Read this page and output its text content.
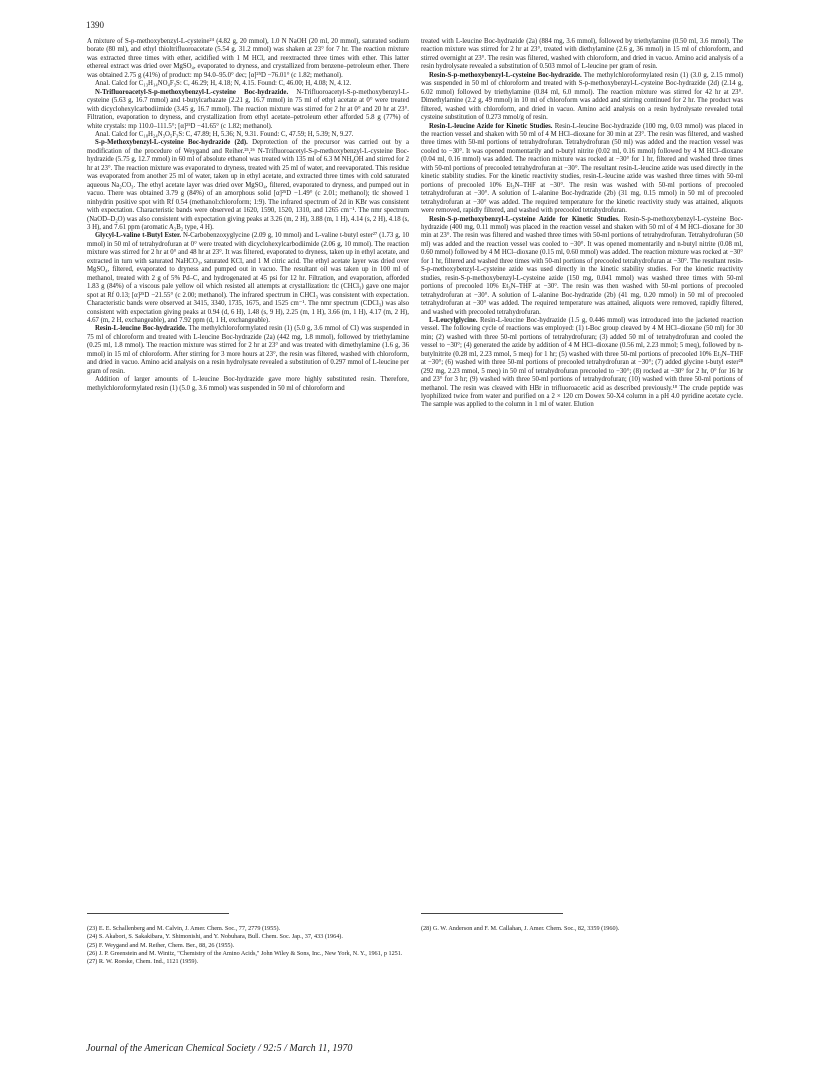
1390

A mixture of S-p-methoxybenzyl-L-cysteine²⁴ (4.82 g, 20 mmol), 1.0 N NaOH (20 ml, 20 mmol), saturated sodium borate (80 ml), and ethyl thioltrifluoroacetate (5.54 g, 31.2 mmol) was shaken at 23° for 7 hr. The reaction mixture was extracted three times with ether, acidified with 1 M HCl, and reextracted three times with ether. This latter ethereal extract was dried over MgSO₄, evaporated to dryness, and crystallized from benzene–petroleum ether. There was obtained 2.75 g (41%) of product: mp 94.0–95.0° dec; [α]²⁵D −76.01° (c 1.82; methanol).

Anal. Calcd for C₁₃H₁₄NO₄F₃S: C, 46.29; H, 4.18; N, 4.15. Found: C, 46.00; H, 4.08; N, 4.12.

N-Trifluoroacetyl-S-p-methoxybenzyl-L-cysteine Boc-hydrazide. N-Trifluoroacetyl-S-p-methoxybenzyl-L-cysteine (5.63 g, 16.7 mmol) and t-butylcarbazate (2.21 g, 16.7 mmol) in 75 ml of ethyl acetate at 0° were treated with dicyclohexylcarbodiimide (3.45 g, 16.7 mmol). The reaction mixture was stirred for 2 hr at 0° and 20 hr at 23°. Filtration, evaporation to dryness, and crystallization from ethyl acetate–petroleum ether afforded 5.8 g (77%) of white crystals: mp 110.0–111.5°; [α]²⁵D −41.65° (c 1.82; methanol).

Anal. Calcd for C₁₈H₂₄N₃O₅F₃S: C, 47.89; H, 5.36; N, 9.31. Found: C, 47.59; H, 5.39; N, 9.27.

S-p-Methoxybenzyl-L-cysteine Boc-hydrazide (2d). Deprotection of the precursor was carried out by a modification of the procedure of Weygand and Reiher.²⁵,²⁶ N-Trifluoroacetyl-S-p-methoxybenzyl-L-cysteine Boc-hydrazide (5.75 g, 12.7 mmol) in 60 ml of absolute ethanol was treated with 135 ml of 6.3 M NH₄OH and stirred for 2 hr at 23°. The reaction mixture was evaporated to dryness, treated with 25 ml of water, and reevaporated. This residue was evaporated from another 25 ml of water, taken up in ethyl acetate, and extracted three times with cold saturated aqueous Na₂CO₃. The ethyl acetate layer was dried over MgSO₄, filtered, evaporated to dryness, and pumped out in vacuo. There was obtained 3.79 g (84%) of an amorphous solid [α]²⁵D −1.49° (c 2.01; methanol); tlc showed 1 ninhydrin positive spot with Rf 0.54 (methanol:chloroform; 1:9). The infrared spectrum of 2d in KBr was consistent with expectation. Characteristic bands were observed at 1620, 1590, 1520, 1310, and 1265 cm⁻¹. The nmr spectrum (NaOD–D₂O) was also consistent with expectation giving peaks at 3.26 (m, 2 H), 3.88 (m, 1 H), 4.14 (s, 2 H), 4.18 (s, 3 H), and 7.61 ppm (aromatic A₂B₂ type, 4 H).

Glycyl-L-valine t-Butyl Ester. N-Carbobenzoxyglycine (2.09 g, 10 mmol) and L-valine t-butyl ester²⁷ (1.73 g, 10 mmol) in 50 ml of tetrahydrofuran at 0° were treated with dicyclohexylcarbodiimide (2.06 g, 10 mmol). The reaction mixture was stirred for 2 hr at 0° and 48 hr at 23°. It was filtered, evaporated to dryness, taken up in ethyl acetate, and extracted in turn with saturated NaHCO₃, saturated KCl, and 1 M citric acid. The ethyl acetate layer was dried over MgSO₄, filtered, evaporated to dryness and pumped out in vacuo. The resultant oil was taken up in 100 ml of methanol, treated with 2 g of 5% Pd–C, and hydrogenated at 45 psi for 12 hr. Filtration, and evaporation, afforded 1.83 g (84%) of a viscous pale yellow oil which resisted all attempts at crystallization: tlc (CHCl₃) gave one major spot at Rf 0.13; [α]²⁵D −21.55° (c 2.00; methanol). The infrared spectrum in CHCl₃ was consistent with expectation. Characteristic bands were observed at 3415, 3340, 1735, 1675, and 1525 cm⁻¹. The nmr spectrum (CDCl₃) was also consistent with expectation giving peaks at 0.94 (d, 6 H), 1.48 (s, 9 H), 2.25 (m, 1 H), 3.66 (m, 1 H), 4.17 (m, 2 H), 4.67 (m, 2 H, exchangeable), and 7.92 ppm (d, 1 H, exchangeable).

Resin-L-leucine Boc-hydrazide. The methylchloroformylated resin (1) (5.0 g, 3.6 mmol of Cl) was suspended in 75 ml of chloroform and treated with L-leucine Boc-hydrazide (2a) (442 mg, 1.8 mmol), followed by triethylamine (0.25 ml, 1.8 mmol). The reaction mixture was stirred for 2 hr at 23° and was treated with dimethylamine (1.6 g, 36 mmol) in 15 ml of chloroform. After stirring for 3 more hours at 23°, the resin was filtered, washed with chloroform, and dried in vacuo. Amino acid analysis on a resin hydrolysate revealed a substitution of 0.297 mmol of L-leucine per gram of resin.

Addition of larger amounts of L-leucine Boc-hydrazide gave more highly substituted resin. Therefore, methylchloroformylated resin (1) (5.0 g, 3.6 mmol) was suspended in 50 ml of chloroform and

treated with L-leucine Boc-hydrazide (2a) (884 mg, 3.6 mmol), followed by triethylamine (0.50 ml, 3.6 mmol). The reaction mixture was stirred for 2 hr at 23°, treated with diethylamine (2.6 g, 36 mmol) in 15 ml of chloroform, and stirred overnight at 23°. The resin was filtered, washed with chloroform, and dried in vacuo. Amino acid analysis of a resin hydrolysate revealed a substitution of 0.503 mmol of L-leucine per gram of resin.

Resin-S-p-methoxybenzyl-L-cysteine Boc-hydrazide. The methylchloroformylated resin (1) (3.0 g, 2.15 mmol) was suspended in 50 ml of chloroform and treated with S-p-methoxybenzyl-L-cysteine Boc-hydrazide (2d) (2.14 g, 6.02 mmol) followed by triethylamine (0.84 ml, 6.0 mmol). The reaction mixture was stirred for 42 hr at 23°. Dimethylamine (2.2 g, 49 mmol) in 10 ml of chloroform was added and stirring continued for 2 hr. The product was filtered, washed with chloroform, and dried in vacuo. Amino acid analysis on a resin hydrolysate revealed total cysteine substitution of 0.273 mmol/g of resin.

Resin-L-leucine Azide for Kinetic Studies. Resin-L-leucine Boc-hydrazide (100 mg, 0.03 mmol) was placed in the reaction vessel and shaken with 50 ml of 4 M HCl–dioxane for 30 min at 23°. The resin was filtered, and washed three times with 50-ml portions of tetrahydrofuran. Tetrahydrofuran (50 ml) was added and the reaction vessel was cooled to −30°. It was opened momentarily and n-butyl nitrite (0.02 ml, 0.16 mmol) followed by 4 M HCl–dioxane (0.04 ml, 0.16 mmol) was added. The reaction mixture was rocked at −30° for 1 hr, filtered and washed three times with 50-ml portions of precooled tetrahydrofuran at −30°. The resultant resin-L-leucine azide was used directly in the kinetic stability studies. For the kinetic reactivity studies, resin-L-leucine azide was washed three times with 50-ml portions of precooled 10% Et₃N–THF at −30°. The resin was washed with 50-ml portions of precooled tetrahydrofuran at −30°. A solution of L-alanine Boc-hydrazide (2b) (31 mg, 0.15 mmol) in 50 ml of precooled tetrahydrofuran at −30° was added. The required temperature for the kinetic reactivity study was attained, aliquots were removed, rapidly filtered, and washed with precooled tetrahydrofuran.

Resin-S-p-methoxybenzyl-L-cysteine Azide for Kinetic Studies. Resin-S-p-methoxybenzyl-L-cysteine Boc-hydrazide (400 mg, 0.11 mmol) was placed in the reaction vessel and shaken with 50 ml of 4 M HCl–dioxane for 30 min at 23°. The resin was filtered and washed three times with 50-ml portions of tetrahydrofuran. Tetrahydrofuran (50 ml) was added and the reaction vessel was cooled to −30°. It was opened momentarily and n-butyl nitrite (0.08 ml, 0.60 mmol) followed by 4 M HCl–dioxane (0.15 ml, 0.60 mmol) was added. The reaction mixture was rocked at −30° for 1 hr, filtered and washed three times with 50-ml portions of precooled tetrahydrofuran at −30°. The resultant resin-S-p-methoxybenzyl-L-cysteine azide was used directly in the kinetic stability studies. For the kinetic reactivity studies, resin-S-p-methoxybenzyl-L-cysteine azide (150 mg, 0.041 mmol) was washed three times with 50-ml portions of precooled 10% Et₃N–THF at −30°. The resin was then washed with 50-ml portions of precooled tetrahydrofuran at −30°. A solution of L-alanine Boc-hydrazide (2b) (41 mg, 0.20 mmol) in 50 ml of precooled tetrahydrofuran at −30° was added. The required temperature was attained, aliquots were removed, rapidly filtered, and washed with precooled tetrahydrofuran.

L-Leucylglycine. Resin-L-leucine Boc-hydrazide (1.5 g, 0.446 mmol) was introduced into the jacketed reaction vessel. The following cycle of reactions was employed: (1) t-Boc group cleaved by 4 M HCl–dioxane (50 ml) for 30 min; (2) washed with three 50-ml portions of tetrahydrofuran; (3) added 50 ml of tetrahydrofuran and cooled the vessel to −30°; (4) generated the azide by addition of 4 M HCl–dioxane (0.56 ml, 2.23 mmol; 5 meq), followed by n-butylnitrite (0.28 ml, 2.23 mmol, 5 meq) for 1 hr; (5) washed with three 50-ml portions of precooled 10% Et₃N–THF at −30°; (6) washed with three 50-ml portions of precooled tetrahydrofuran at −30°; (7) added glycine t-butyl ester²⁸ (292 mg, 2.23 mmol, 5 meq) in 50 ml of tetrahydrofuran precooled to −30°; (8) rocked at −30° for 2 hr, 0° for 16 hr and 23° for 3 hr; (9) washed with three 50-ml portions of tetrahydrofuran; (10) washed with three 50-ml portions of methanol. The resin was cleaved with HBr in trifluoroacetic acid as described previously.¹⁸ The crude peptide was lyophilized twice from water and purified on a 2 × 120 cm Dowex 50-X4 column in a pH 4.0 pyridine acetate cycle. The sample was applied to the column in 1 ml of water. Elution

(23) E. E. Schallenberg and M. Calvin, J. Amer. Chem. Soc., 77, 2779 (1955).

(24) S. Akabori, S. Sakakibara, Y. Shimonishi, and Y. Nobuhara, Bull. Chem. Soc. Jap., 37, 433 (1964).

(25) F. Weygand and M. Reiher, Chem. Ber., 88, 26 (1955).

(26) J. P. Greenstein and M. Winitz, "Chemistry of the Amino Acids," John Wiley & Sons, Inc., New York, N. Y., 1961, p 1251.

(27) R. W. Roeske, Chem. Ind., 1121 (1959).

(28) G. W. Anderson and F. M. Callahan, J. Amer. Chem. Soc., 82, 3359 (1960).

Journal of the American Chemical Society / 92:5 / March 11, 1970
